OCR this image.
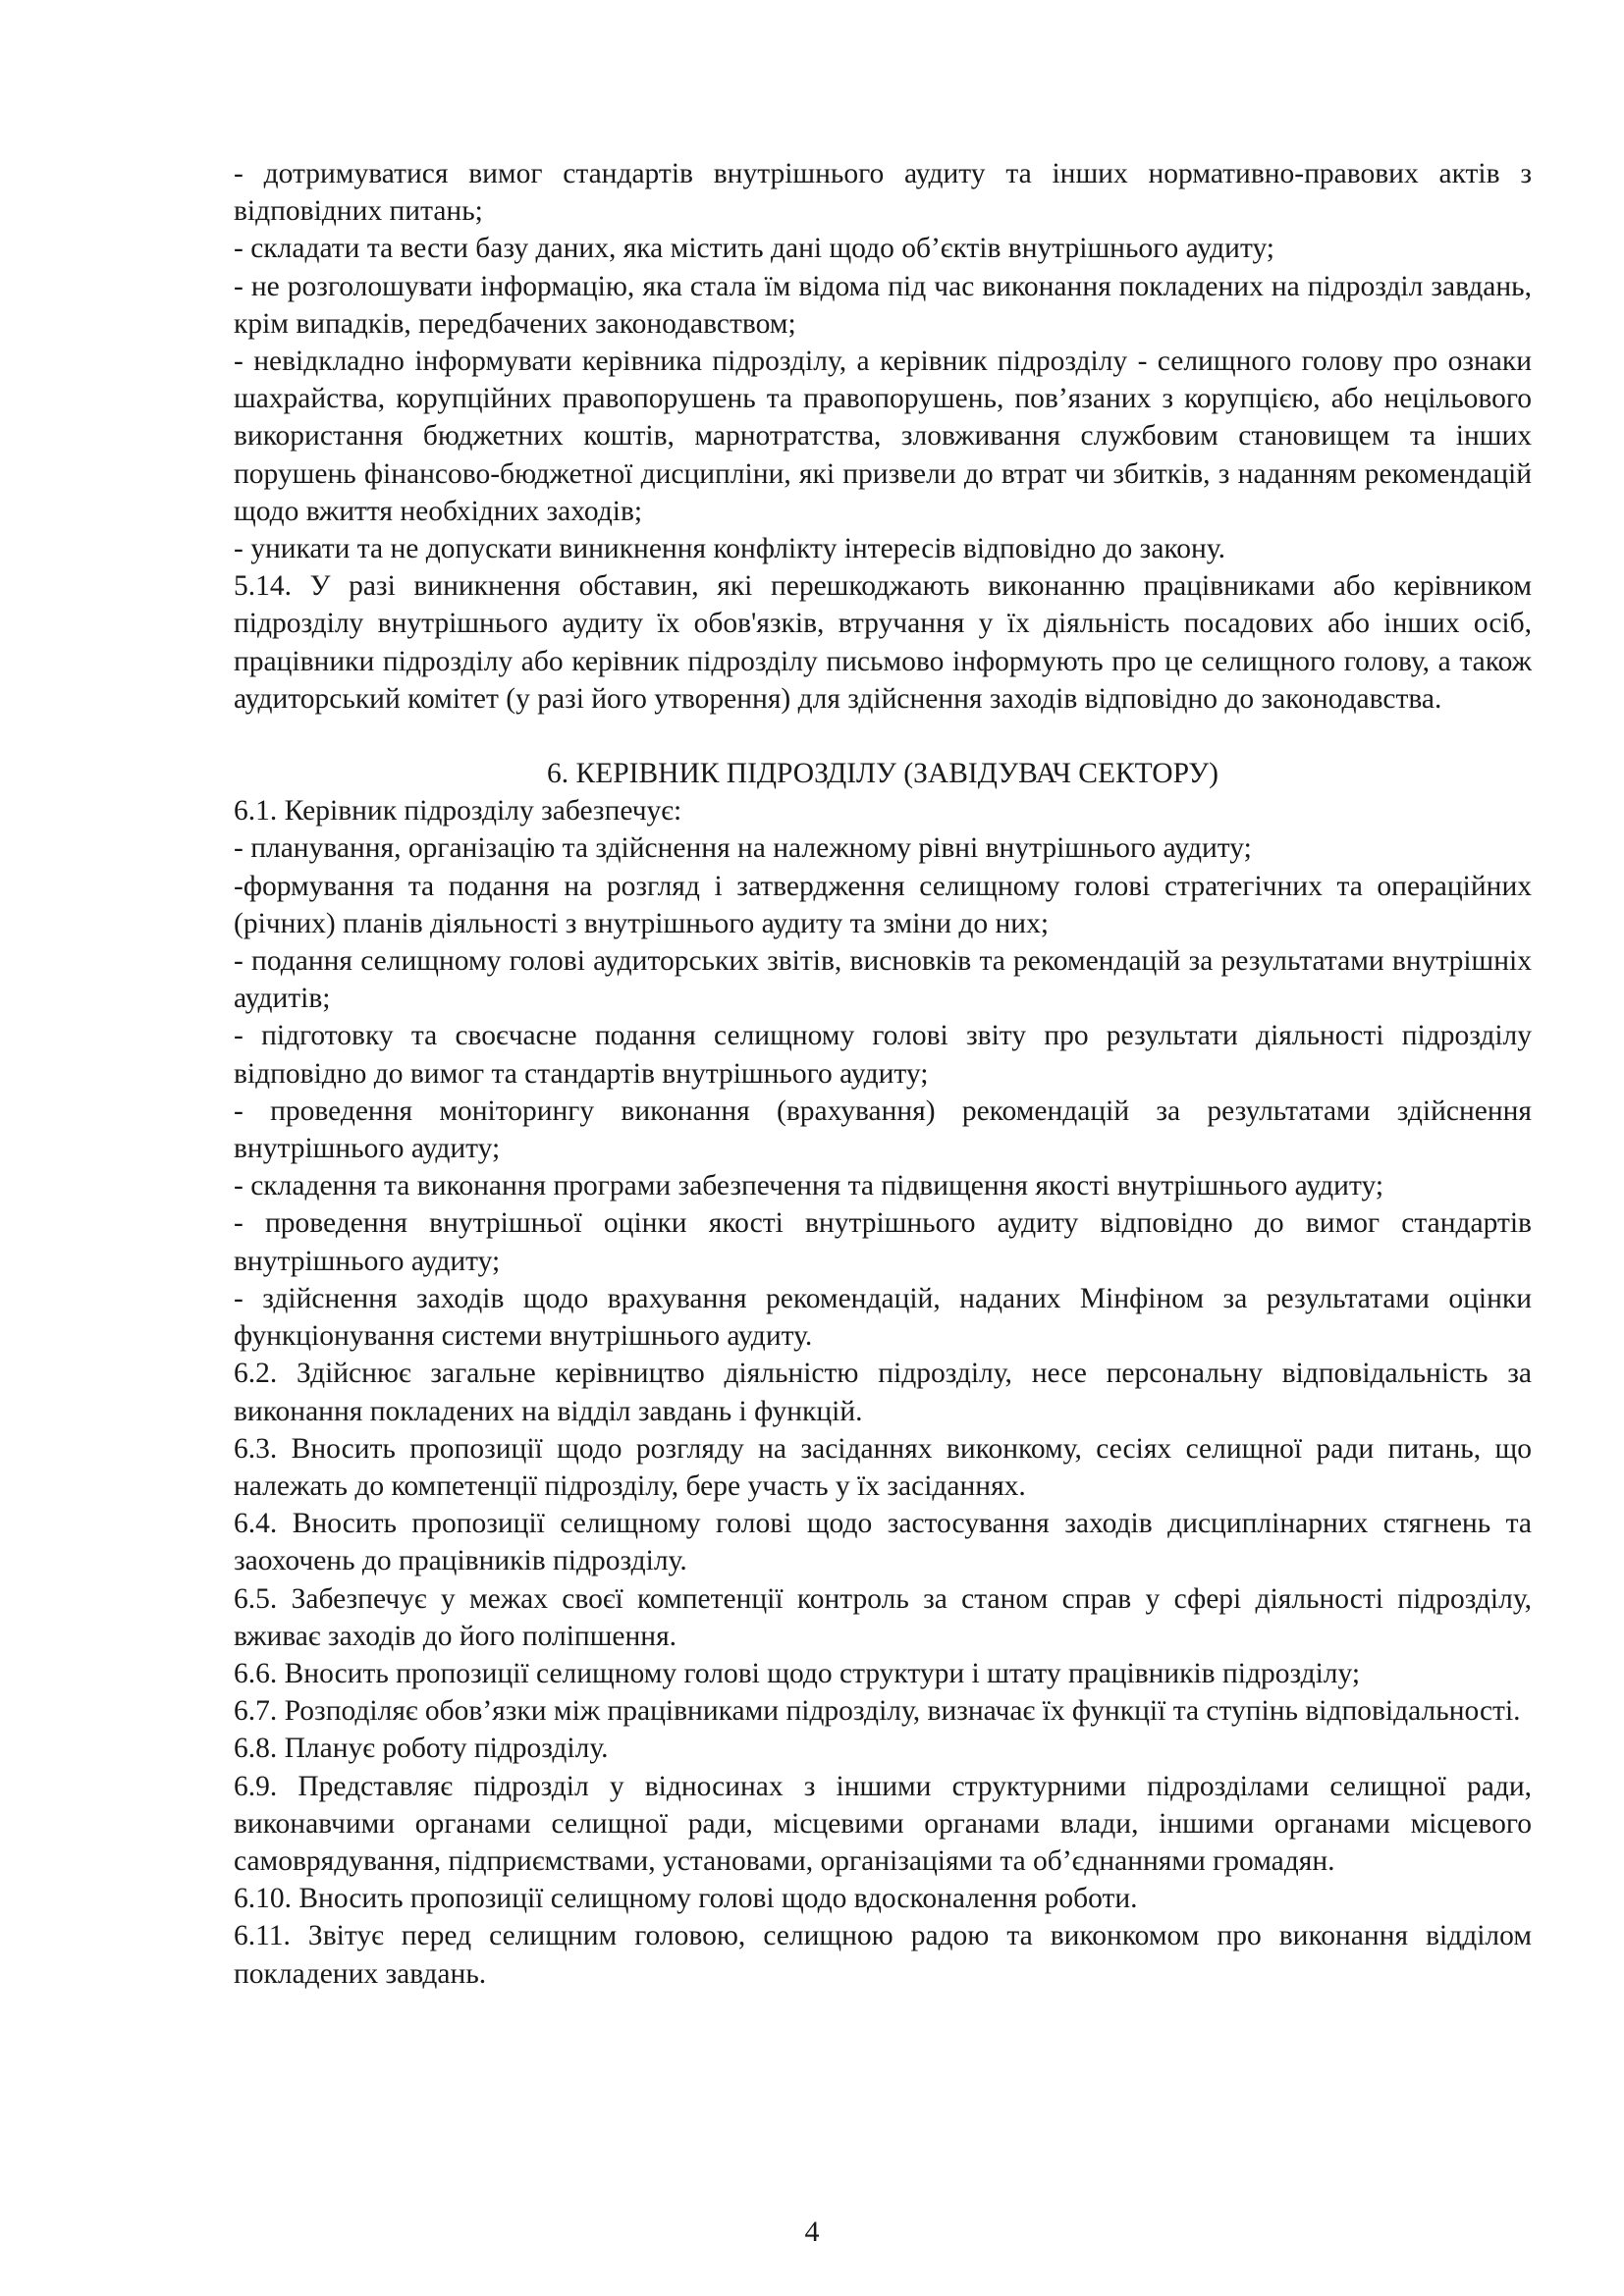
- дотримуватися вимог стандартів внутрішнього аудиту та інших нормативно-правових актів з відповідних питань;

- складати та вести базу даних, яка містить дані щодо об’єктів внутрішнього аудиту;

- не розголошувати інформацію, яка стала їм відома під час виконання покладених на підрозділ завдань, крім випадків, передбачених законодавством;

- невідкладно інформувати керівника підрозділу, а керівник підрозділу - селищного голову про ознаки шахрайства, корупційних правопорушень та правопорушень, пов’язаних з корупцією, або нецільового використання бюджетних коштів, марнотратства, зловживання службовим становищем та інших порушень фінансово-бюджетної дисципліни, які призвели до втрат чи збитків, з наданням рекомендацій щодо вжиття необхідних заходів;

- уникати та не допускати виникнення конфлікту інтересів відповідно до закону.

5.14. У разі виникнення обставин, які перешкоджають виконанню працівниками або керівником підрозділу внутрішнього аудиту їх обов'язків, втручання у їх діяльність посадових або інших осіб, працівники підрозділу або керівник підрозділу письмово інформують про це селищного голову, а також аудиторський комітет (у разі його утворення) для здійснення заходів відповідно до законодавства.

6. КЕРІВНИК ПІДРОЗДІЛУ (ЗАВІДУВАЧ СЕКТОРУ)

6.1. Керівник підрозділу забезпечує:

- планування, організацію та здійснення на належному рівні внутрішнього аудиту;

-формування та подання на розгляд і затвердження селищному голові стратегічних та операційних (річних) планів діяльності з внутрішнього аудиту та зміни до них;

- подання селищному голові аудиторських звітів, висновків та рекомендацій за результатами внутрішніх аудитів;

- підготовку та своєчасне подання селищному голові звіту про результати діяльності підрозділу відповідно до вимог та стандартів внутрішнього аудиту;

- проведення моніторингу виконання (врахування) рекомендацій за результатами здійснення внутрішнього аудиту;

- складення та виконання програми забезпечення та підвищення якості внутрішнього аудиту;

- проведення внутрішньої оцінки якості внутрішнього аудиту відповідно до вимог стандартів внутрішнього аудиту;

- здійснення заходів щодо врахування рекомендацій, наданих Мінфіном за результатами оцінки функціонування системи внутрішнього аудиту.

6.2. Здійснює загальне керівництво діяльністю підрозділу, несе персональну відповідальність за виконання покладених на відділ завдань і функцій.

6.3. Вносить пропозиції щодо розгляду на засіданнях виконкому, сесіях селищної ради питань, що належать до компетенції підрозділу, бере участь у їх засіданнях.

6.4. Вносить пропозиції селищному голові щодо застосування заходів дисциплінарних стягнень та заохочень до працівників підрозділу.

6.5. Забезпечує у межах своєї компетенції контроль за станом справ у сфері діяльності підрозділу, вживає заходів до його поліпшення.

6.6. Вносить пропозиції селищному голові щодо структури і штату працівників підрозділу;

6.7. Розподіляє обов’язки між працівниками підрозділу, визначає їх функції та ступінь відповідальності.

6.8. Планує роботу підрозділу.

6.9. Представляє підрозділ у відносинах з іншими структурними підрозділами селищної ради, виконавчими органами селищної ради, місцевими органами влади, іншими органами місцевого самоврядування, підприємствами, установами, організаціями та об’єднаннями громадян.

6.10. Вносить пропозиції селищному голові щодо вдосконалення роботи.

6.11. Звітує перед селищним головою, селищною радою та виконкомом про виконання відділом покладених завдань.

4
